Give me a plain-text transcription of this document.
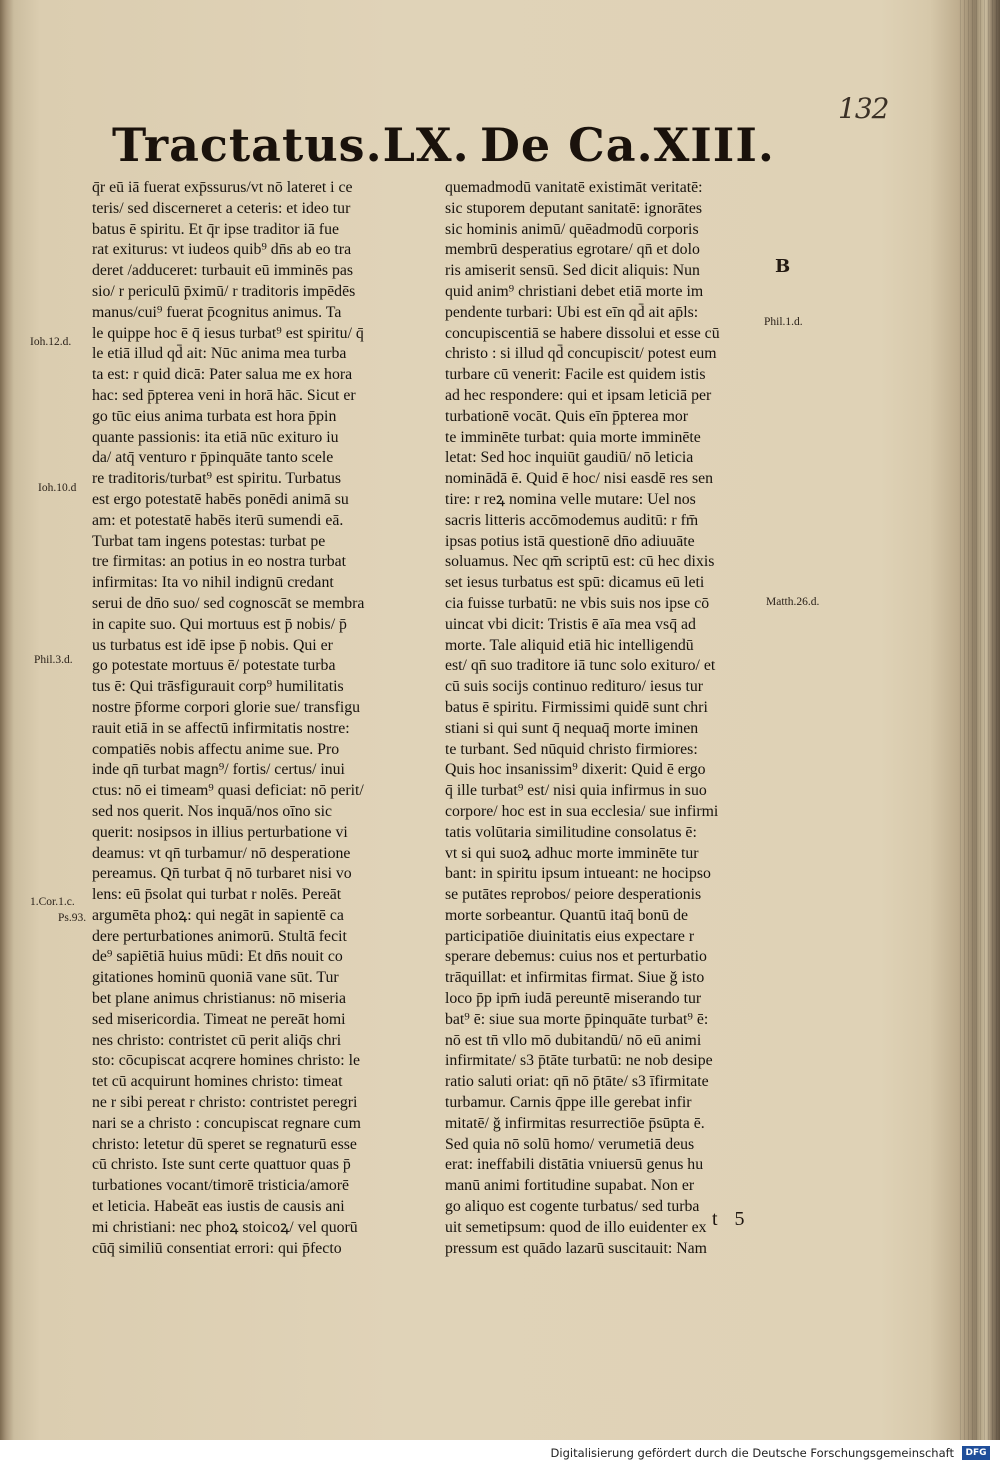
132
Tractatus.LX. De Ca.XIII.
q̄r eū iā fuerat exp̄ssurus/vt nō lateret i ce
teris/ sed discerneret a ceteris: et ideo tur
batus ē spiritu. Et q̄r ipse traditor iā fue
rat exiturus: vt iudeos quib⁹ dn̄s ab eo tra
deret /adduceret: turbauit eū imminēs pas
sio/ r periculū p̄ximū/ r traditoris impēdēs
manus/cui⁹ fuerat p̄cognitus animus. Ta
le quippe hoc ē q̄ iesus turbat⁹ est spiritu/ q̄
le etiā illud qd̄ ait: Nūc anima mea turba
ta est: r quid dicā: Pater salua me ex hora
hac: sed p̄pterea veni in horā hāc. Sicut er
go tūc eius anima turbata est hora p̄pin
quante passionis: ita etiā nūc exituro iu
da/ atq̄ venturo r p̄pinquāte tanto scele
re traditoris/turbat⁹ est spiritu. Turbatus
est ergo potestatē habēs ponēdi animā su
am: et potestatē habēs iterū sumendi eā.
Turbat tam ingens potestas: turbat pe
tre firmitas: an potius in eo nostra turbat
infirmitas: Ita vo nihil indignū credant
serui de dn̄o suo/ sed cognoscāt se membra
in capite suo. Qui mortuus est p̄ nobis/ p̄
us turbatus est idē ipse p̄ nobis. Qui er
go potestate mortuus ē/ potestate turba
tus ē: Qui trāsfigurauit corp⁹ humilitatis
nostre p̄forme corpori glorie sue/ transfigu
rauit etiā in se affectū infirmitatis nostre:
compatiēs nobis affectu anime sue. Pro
inde qn̄ turbat magn⁹/ fortis/ certus/ inui
ctus: nō ei timeam⁹ quasi deficiat: nō perit/
sed nos querit. Nos inquā/nos oīno sic
querit: nosipsos in illius perturbatione vi
deamus: vt qn̄ turbamur/ nō desperatione
pereamus. Qn̄ turbat q̄ nō turbaret nisi vo
lens: eū p̄solat qui turbat r nolēs. Pereāt
argumēta phoꝝ: qui negāt in sapientē ca
dere perturbationes animorū. Stultā fecit
de⁹ sapiētiā huius mūdi: Et dn̄s nouit co
gitationes hominū quoniā vane sūt. Tur
bet plane animus christianus: nō miseria
sed misericordia. Timeat ne pereāt homi
nes christo: contristet cū perit aliq̄s chri
sto: cōcupiscat acqrere homines christo: le
tet cū acquirunt homines christo: timeat
ne r sibi pereat r christo: contristet peregri
nari se a christo : concupiscat regnare cum
christo: letetur dū speret se regnaturū esse
cū christo. Iste sunt certe quattuor quas p̄
turbationes vocant/timorē tristicia/amorē
et leticia. Habeāt eas iustis de causis ani
mi christiani: nec phoꝝ stoicoꝝ/ vel quorū
cūq̄ similiū consentiat errori: qui p̄fecto
quemadmodū vanitatē existimāt veritatē:
sic stuporem deputant sanitatē: ignorātes
sic hominis animū/ quēadmodū corporis
membrū desperatius egrotare/ qn̄ et dolo
ris amiserit sensū. Sed dicit aliquis: Nun
quid anim⁹ christiani debet etiā morte im
pendente turbari: Ubi est eīn qd̄ ait ap̄ls:
concupiscentiā se habere dissolui et esse cū
christo : si illud qd̄ concupiscit/ potest eum
turbare cū venerit: Facile est quidem istis
ad hec respondere: qui et ipsam leticiā per
turbationē vocāt. Quis eīn p̄pterea mor
te imminēte turbat: quia morte imminēte
letat: Sed hoc inquiūt gaudiū/ nō leticia
nominādā ē. Quid ē hoc/ nisi easdē res sen
tire: r reꝝ nomina velle mutare: Uel nos
sacris litteris accōmodemus auditū: r fm̄
ipsas potius istā questionē dn̄o adiuuāte
soluamus. Nec qm̄ scriptū est: cū hec dixis
set iesus turbatus est spū: dicamus eū leti
cia fuisse turbatū: ne vbis suis nos ipse cō
uincat vbi dicit: Tristis ē aīa mea vsq̄ ad
morte. Tale aliquid etiā hic intelligendū
est/ qn̄ suo traditore iā tunc solo exituro/ et
cū suis socijs continuo redituro/ iesus tur
batus ē spiritu. Firmissimi quidē sunt chri
stiani si qui sunt q̄ nequaq̄ morte iminen
te turbant. Sed nūquid christo firmiores:
Quis hoc insanissim⁹ dixerit: Quid ē ergo
q̄ ille turbat⁹ est/ nisi quia infirmus in suo
corpore/ hoc est in sua ecclesia/ sue infirmi
tatis volūtaria similitudine consolatus ē:
vt si qui suoꝝ adhuc morte imminēte tur
bant: in spiritu ipsum intueant: ne hocipso
se putātes reprobos/ peiore desperationis
morte sorbeantur. Quantū itaq̄ bonū de
participatiōe diuinitatis eius expectare r
sperare debemus: cuius nos et perturbatio
trāquillat: et infirmitas firmat. Siue ğ isto
loco p̄p ipm̄ iudā pereuntē miserando tur
bat⁹ ē: siue sua morte p̄pinquāte turbat⁹ ē:
nō est tn̄ vllo mō dubitandū/ nō eū animi
infirmitate/ s3 p̄tāte turbatū: ne nob desipe
ratio saluti oriat: qn̄ nō p̄tāte/ s3 īfirmitate
turbamur. Carnis q̄ppe ille gerebat infir
mitatē/ ğ infirmitas resurrectiōe p̄sūpta ē.
Sed quia nō solū homo/ verumetiā deus
erat: ineffabili distātia vniuersū genus hu
manū animi fortitudine supabat. Non er
go aliquo est cogente turbatus/ sed turba
uit semetipsum: quod de illo euidenter ex
pressum est quādo lazarū suscitauit: Nam
Ioh.12.d.
Ioh.10.d
Phil.3.d.
1.Cor.1.c.
Ps.93.
Phil.1.d.
Matth.26.d.
B
t 5
Digitalisierung gefördert durch die Deutsche Forschungsgemeinschaft	DFG
